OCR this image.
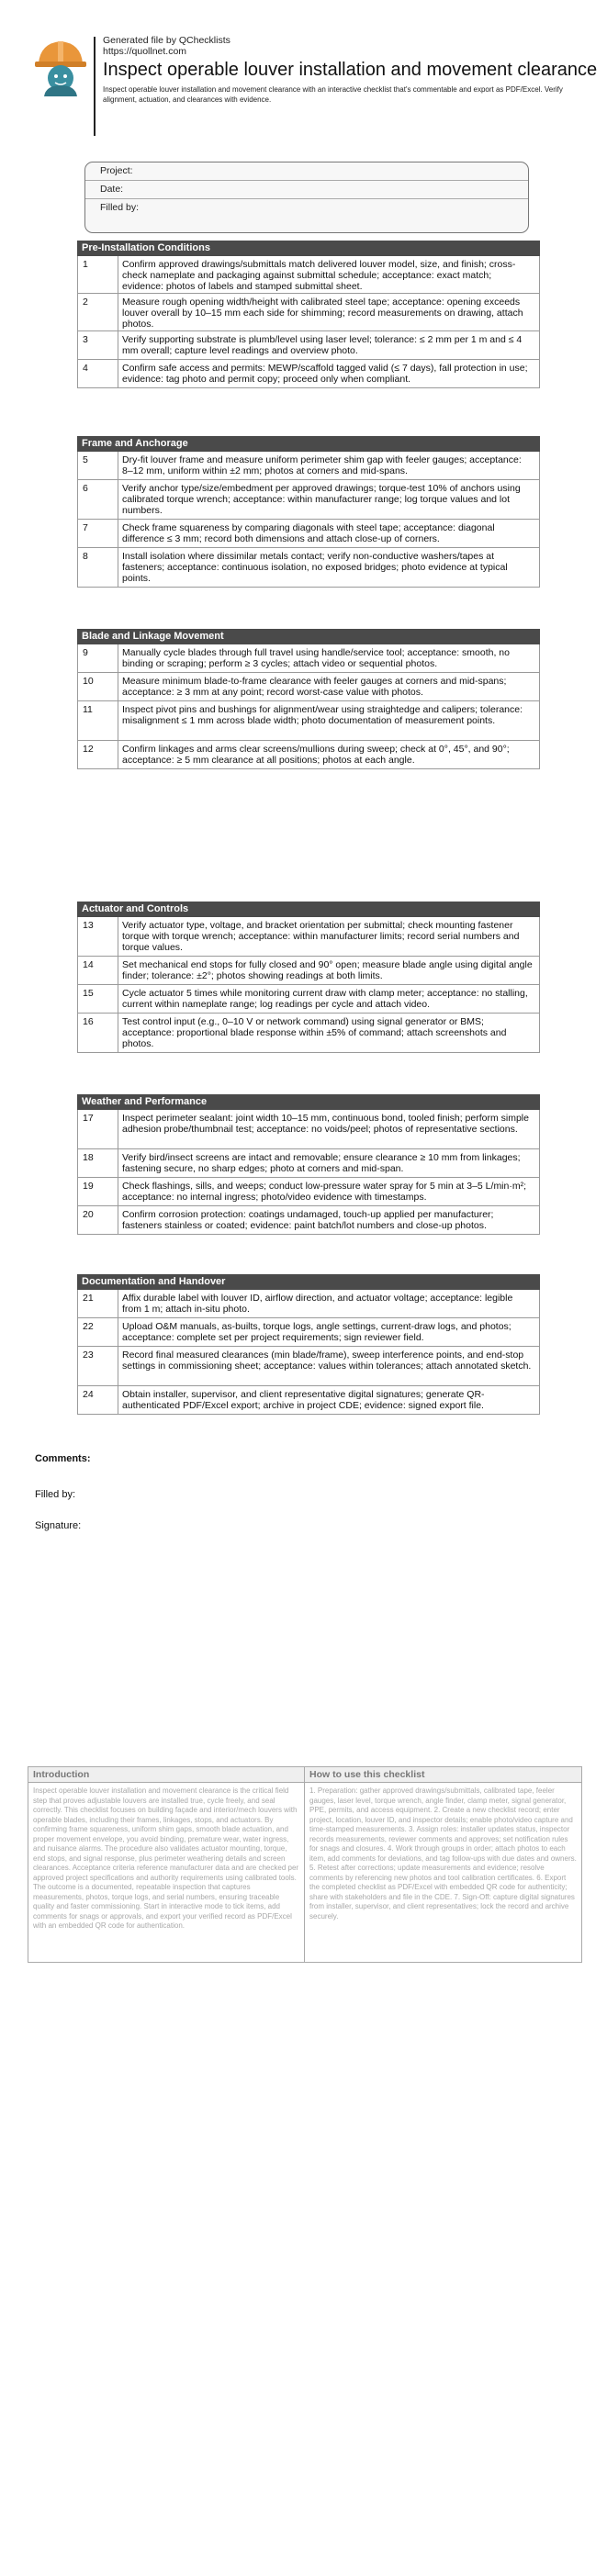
Generated file by QChecklists
https://quollnet.com
Inspect operable louver installation and movement clearance
Inspect operable louver installation and movement clearance with an interactive checklist that's commentable and export as PDF/Excel. Verify alignment, actuation, and clearances with evidence.
Project:
Date:
Filled by:
Pre-Installation Conditions
1	Confirm approved drawings/submittals match delivered louver model, size, and finish; cross-check nameplate and packaging against submittal schedule; acceptance: exact match; evidence: photos of labels and stamped submittal sheet.
2	Measure rough opening width/height with calibrated steel tape; acceptance: opening exceeds louver overall by 10–15 mm each side for shimming; record measurements on drawing, attach photos.
3	Verify supporting substrate is plumb/level using laser level; tolerance: ≤ 2 mm per 1 m and ≤ 4 mm overall; capture level readings and overview photo.
4	Confirm safe access and permits: MEWP/scaffold tagged valid (≤ 7 days), fall protection in use; evidence: tag photo and permit copy; proceed only when compliant.
Frame and Anchorage
5	Dry-fit louver frame and measure uniform perimeter shim gap with feeler gauges; acceptance: 8–12 mm, uniform within ±2 mm; photos at corners and mid-spans.
6	Verify anchor type/size/embedment per approved drawings; torque-test 10% of anchors using calibrated torque wrench; acceptance: within manufacturer range; log torque values and lot numbers.
7	Check frame squareness by comparing diagonals with steel tape; acceptance: diagonal difference ≤ 3 mm; record both dimensions and attach close-up of corners.
8	Install isolation where dissimilar metals contact; verify non-conductive washers/tapes at fasteners; acceptance: continuous isolation, no exposed bridges; photo evidence at typical points.
Blade and Linkage Movement
9	Manually cycle blades through full travel using handle/service tool; acceptance: smooth, no binding or scraping; perform ≥ 3 cycles; attach video or sequential photos.
10	Measure minimum blade-to-frame clearance with feeler gauges at corners and mid-spans; acceptance: ≥ 3 mm at any point; record worst-case value with photos.
11	Inspect pivot pins and bushings for alignment/wear using straightedge and calipers; tolerance: misalignment ≤ 1 mm across blade width; photo documentation of measurement points.
12	Confirm linkages and arms clear screens/mullions during sweep; check at 0°, 45°, and 90°; acceptance: ≥ 5 mm clearance at all positions; photos at each angle.
Actuator and Controls
13	Verify actuator type, voltage, and bracket orientation per submittal; check mounting fastener torque with torque wrench; acceptance: within manufacturer limits; record serial numbers and torque values.
14	Set mechanical end stops for fully closed and 90° open; measure blade angle using digital angle finder; tolerance: ±2°; photos showing readings at both limits.
15	Cycle actuator 5 times while monitoring current draw with clamp meter; acceptance: no stalling, current within nameplate range; log readings per cycle and attach video.
16	Test control input (e.g., 0–10 V or network command) using signal generator or BMS; acceptance: proportional blade response within ±5% of command; attach screenshots and photos.
Weather and Performance
17	Inspect perimeter sealant: joint width 10–15 mm, continuous bond, tooled finish; perform simple adhesion probe/thumbnail test; acceptance: no voids/peel; photos of representative sections.
18	Verify bird/insect screens are intact and removable; ensure clearance ≥ 10 mm from linkages; fastening secure, no sharp edges; photo at corners and mid-span.
19	Check flashings, sills, and weeps; conduct low-pressure water spray for 5 min at 3–5 L/min·m²; acceptance: no internal ingress; photo/video evidence with timestamps.
20	Confirm corrosion protection: coatings undamaged, touch-up applied per manufacturer; fasteners stainless or coated; evidence: paint batch/lot numbers and close-up photos.
Documentation and Handover
21	Affix durable label with louver ID, airflow direction, and actuator voltage; acceptance: legible from 1 m; attach in-situ photo.
22	Upload O&M manuals, as-builts, torque logs, angle settings, current-draw logs, and photos; acceptance: complete set per project requirements; sign reviewer field.
23	Record final measured clearances (min blade/frame), sweep interference points, and end-stop settings in commissioning sheet; acceptance: values within tolerances; attach annotated sketch.
24	Obtain installer, supervisor, and client representative digital signatures; generate QR-authenticated PDF/Excel export; archive in project CDE; evidence: signed export file.
Comments:
Filled by:
Signature:
Introduction
Inspect operable louver installation and movement clearance is the critical field step that proves adjustable louvers are installed true, cycle freely, and seal correctly. This checklist focuses on building façade and interior/mech louvers with operable blades, including their frames, linkages, stops, and actuators. By confirming frame squareness, uniform shim gaps, smooth blade actuation, and proper movement envelope, you avoid binding, premature wear, water ingress, and nuisance alarms. The procedure also validates actuator mounting, torque, end stops, and signal response, plus perimeter weathering details and screen clearances. Acceptance criteria reference manufacturer data and are checked per approved project specifications and authority requirements using calibrated tools. The outcome is a documented, repeatable inspection that captures measurements, photos, torque logs, and serial numbers, ensuring traceable quality and faster commissioning. Start in interactive mode to tick items, add comments for snags or approvals, and export your verified record as PDF/Excel with an embedded QR code for authentication.
How to use this checklist
1. Preparation: gather approved drawings/submittals, calibrated tape, feeler gauges, laser level, torque wrench, angle finder, clamp meter, signal generator, PPE, permits, and access equipment. 2. Create a new checklist record; enter project, location, louver ID, and inspector details; enable photo/video capture and time-stamped measurements. 3. Assign roles: installer updates status, inspector records measurements, reviewer comments and approves; set notification rules for snags and closures. 4. Work through groups in order; attach photos to each item, add comments for deviations, and tag follow-ups with due dates and owners. 5. Retest after corrections; update measurements and evidence; resolve comments by referencing new photos and tool calibration certificates. 6. Export the completed checklist as PDF/Excel with embedded QR code for authenticity; share with stakeholders and file in the CDE. 7. Sign-Off: capture digital signatures from installer, supervisor, and client representatives; lock the record and archive securely.
